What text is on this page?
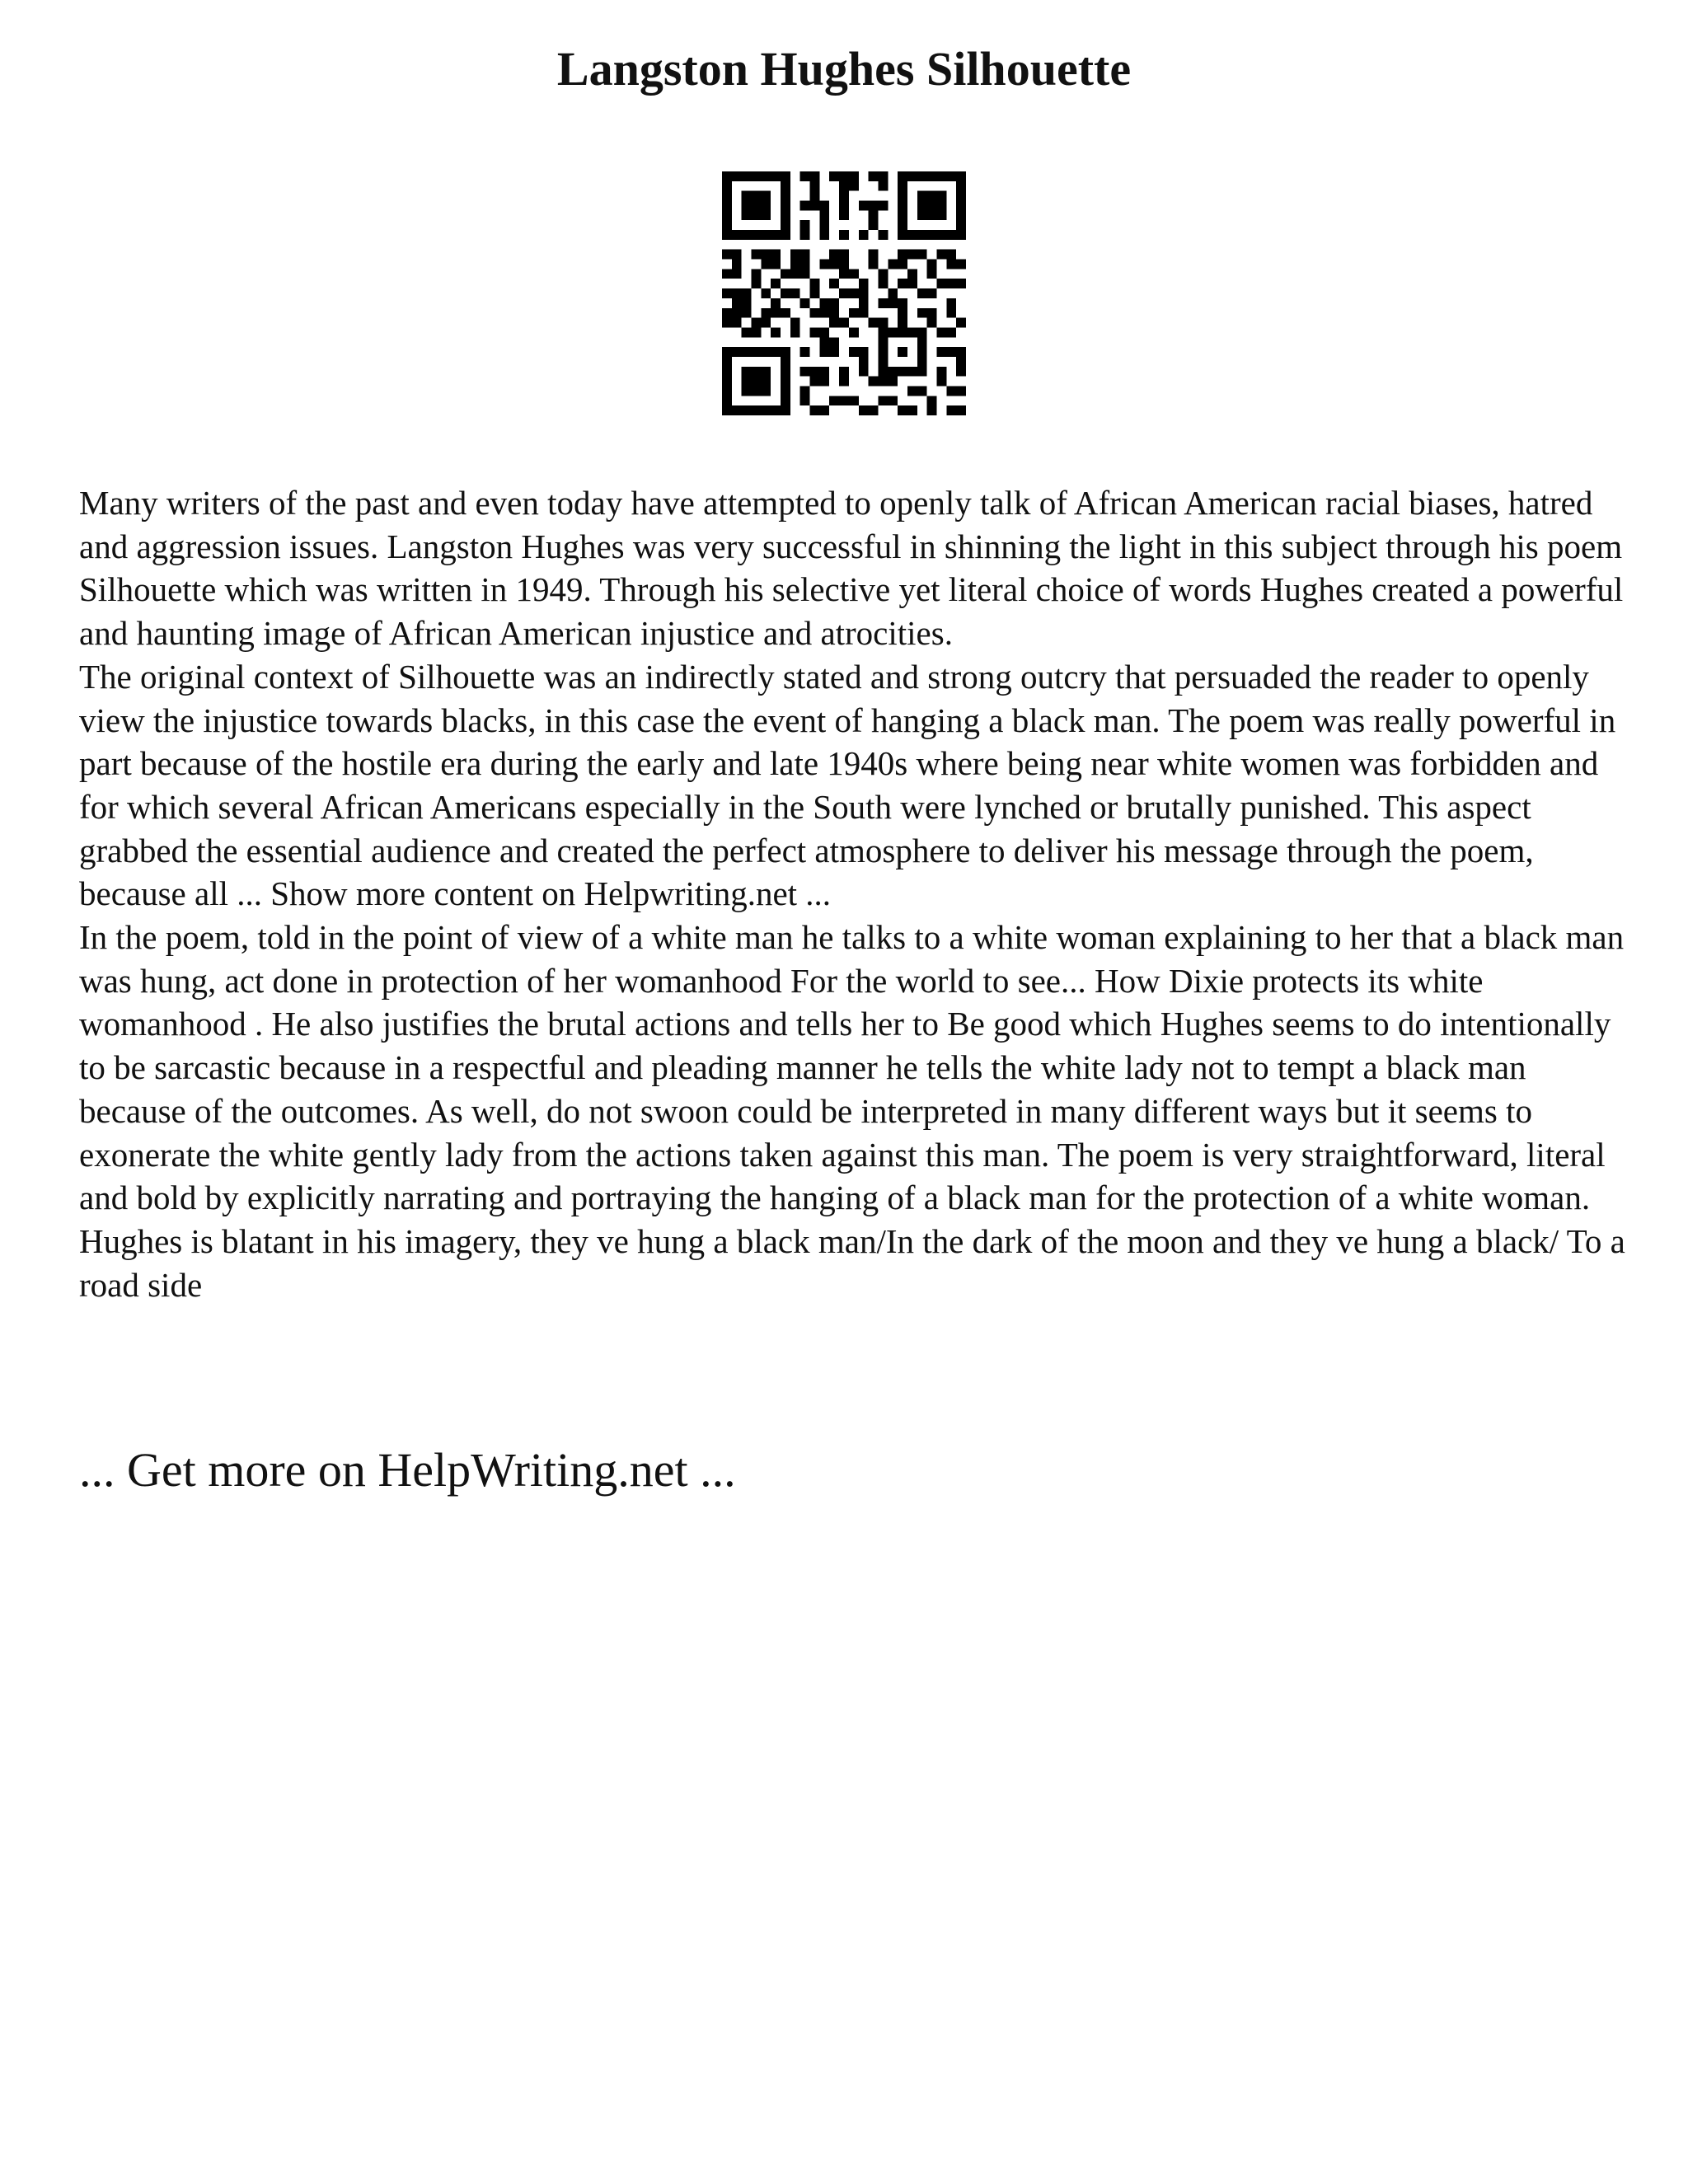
Langston Hughes Silhouette

Many writers of the past and even today have attempted to openly talk of African American racial biases, hatred and aggression issues. Langston Hughes was very successful in shinning the light in this subject through his poem Silhouette which was written in 1949. Through his selective yet literal choice of words Hughes created a powerful and haunting image of African American injustice and atrocities.

The original context of Silhouette was an indirectly stated and strong outcry that persuaded the reader to openly view the injustice towards blacks, in this case the event of hanging a black man. The poem was really powerful in part because of the hostile era during the early and late 1940s where being near white women was forbidden and for which several African Americans especially in the South were lynched or brutally punished. This aspect grabbed the essential audience and created the perfect atmosphere to deliver his message through the poem, because all ... Show more content on Helpwriting.net ...

In the poem, told in the point of view of a white man he talks to a white woman explaining to her that a black man was hung, act done in protection of her womanhood For the world to see... How Dixie protects its white womanhood . He also justifies the brutal actions and tells her to Be good which Hughes seems to do intentionally to be sarcastic because in a respectful and pleading manner he tells the white lady not to tempt a black man because of the outcomes. As well, do not swoon could be interpreted in many different ways but it seems to exonerate the white gently lady from the actions taken against this man. The poem is very straightforward, literal and bold by explicitly narrating and portraying the hanging of a black man for the protection of a white woman. Hughes is blatant in his imagery, they ve hung a black man/In the dark of the moon and they ve hung a black/ To a road side

... Get more on HelpWriting.net ...
